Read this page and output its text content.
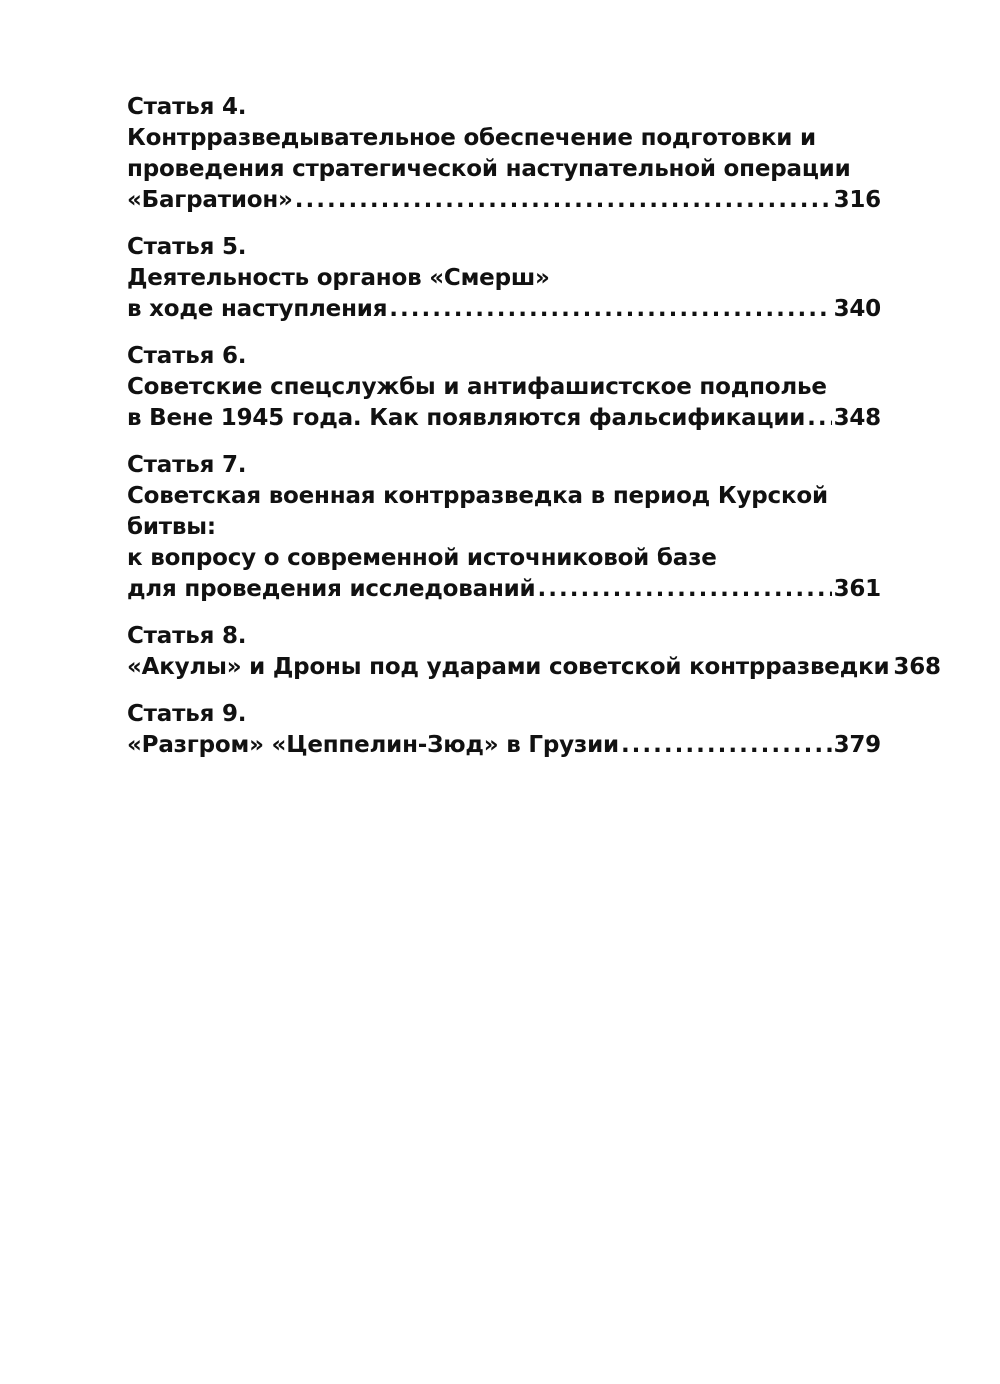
Статья 4.
Контрразведывательное обеспечение подготовки и
проведения стратегической наступательной операции
«Багратион» . . .	316
Статья 5.
Деятельность органов «Смерш»
в ходе наступления . . .	340
Статья 6.
Советские спецслужбы и антифашистское подполье
в Вене 1945 года. Как появляются фальсификации . . . 348
Статья 7.
Советская военная контрразведка в период Курской битвы:
к вопросу о современной источниковой базе
для проведения исследований . . .	361
Статья 8.
«Акулы» и Дроны под ударами советской контрразведки 368
Статья 9.
«Разгром» «Цеппелин-Зюд» в Грузии . . .	379
